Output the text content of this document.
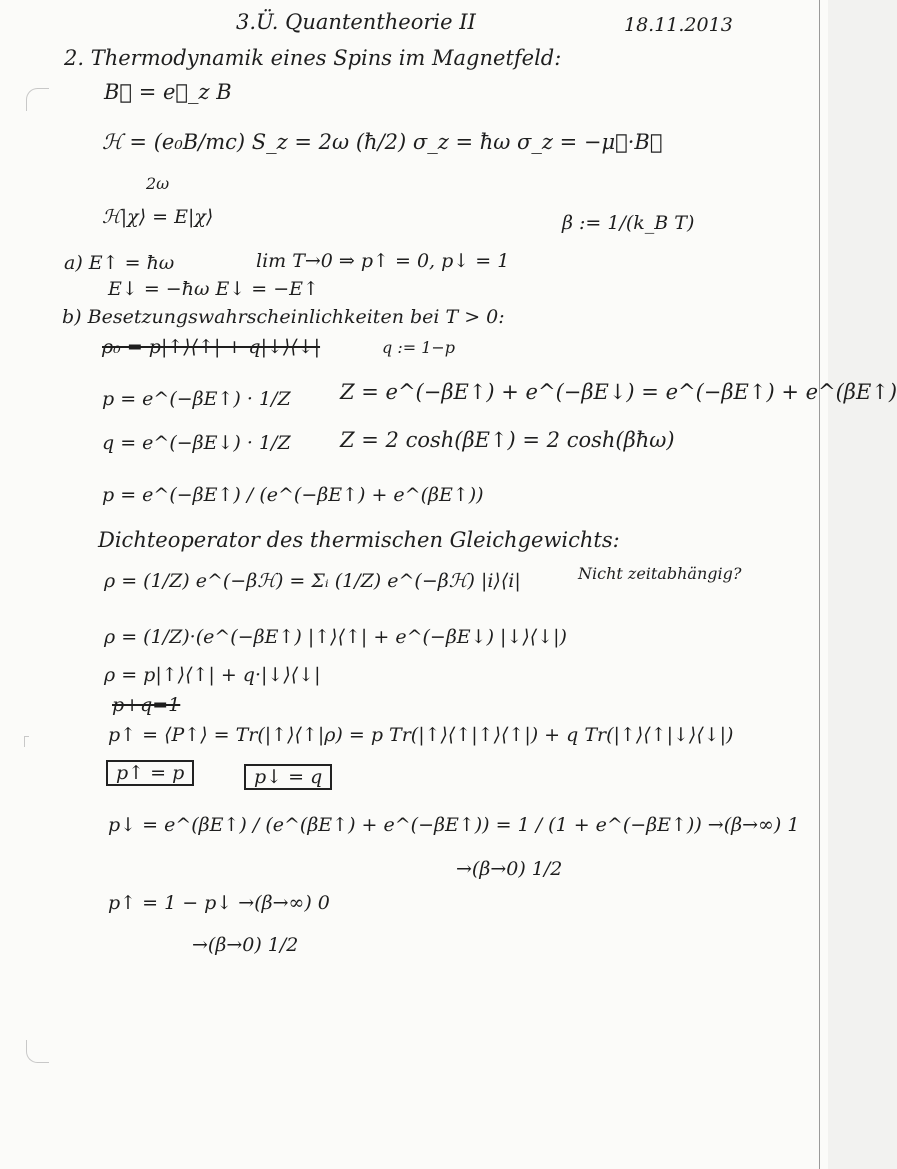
3.Ü. Quantentheorie II	18.11.2013
2. Thermodynamik eines Spins im Magnetfeld:
B⃗ = e⃗_z B
ℋ = (e₀B/mc) S_z = 2ω (ħ/2) σ_z = ħω σ_z = −μ⃗·B⃗
2ω
ℋ|χ⟩ = E|χ⟩	β := 1/(k_B T)
a) E↑ = ħω	lim T→0 ⇒ p↑ = 0, p↓ = 1
E↓ = −ħω E↓ = −E↑
b) Besetzungswahrscheinlichkeiten bei T > 0:
ρ₀ = p|↑⟩⟨↑| + q|↓⟩⟨↓|	q := 1−p
p = e^(−βE↑) · 1/Z Z = e^(−βE↑) + e^(−βE↓) = e^(−βE↑) + e^(βE↑)
q = e^(−βE↓) · 1/Z Z = 2 cosh(βE↑) = 2 cosh(βħω)
p = e^(−βE↑) / (e^(−βE↑) + e^(βE↑))
Dichteoperator des thermischen Gleichgewichts:
ρ = (1/Z) e^(−βℋ) = Σᵢ (1/Z) e^(−βℋ) |i⟩⟨i|	Nicht zeitabhängig?
ρ = (1/Z)·(e^(−βE↑) |↑⟩⟨↑| + e^(−βE↓) |↓⟩⟨↓|)
ρ = p|↑⟩⟨↑| + q·|↓⟩⟨↓|
p+q=1
p↑ = ⟨P↑⟩ = Tr(|↑⟩⟨↑|ρ) = p Tr(|↑⟩⟨↑|↑⟩⟨↑|) + q Tr(|↑⟩⟨↑|↓⟩⟨↓|)
p↑ = p	p↓ = q
p↓ = e^(βE↑) / (e^(βE↑) + e^(−βE↑)) = 1 / (1 + e^(−βE↑)) →(β→∞) 1
→(β→0) 1/2
p↑ = 1 − p↓ →(β→∞) 0
→(β→0) 1/2
